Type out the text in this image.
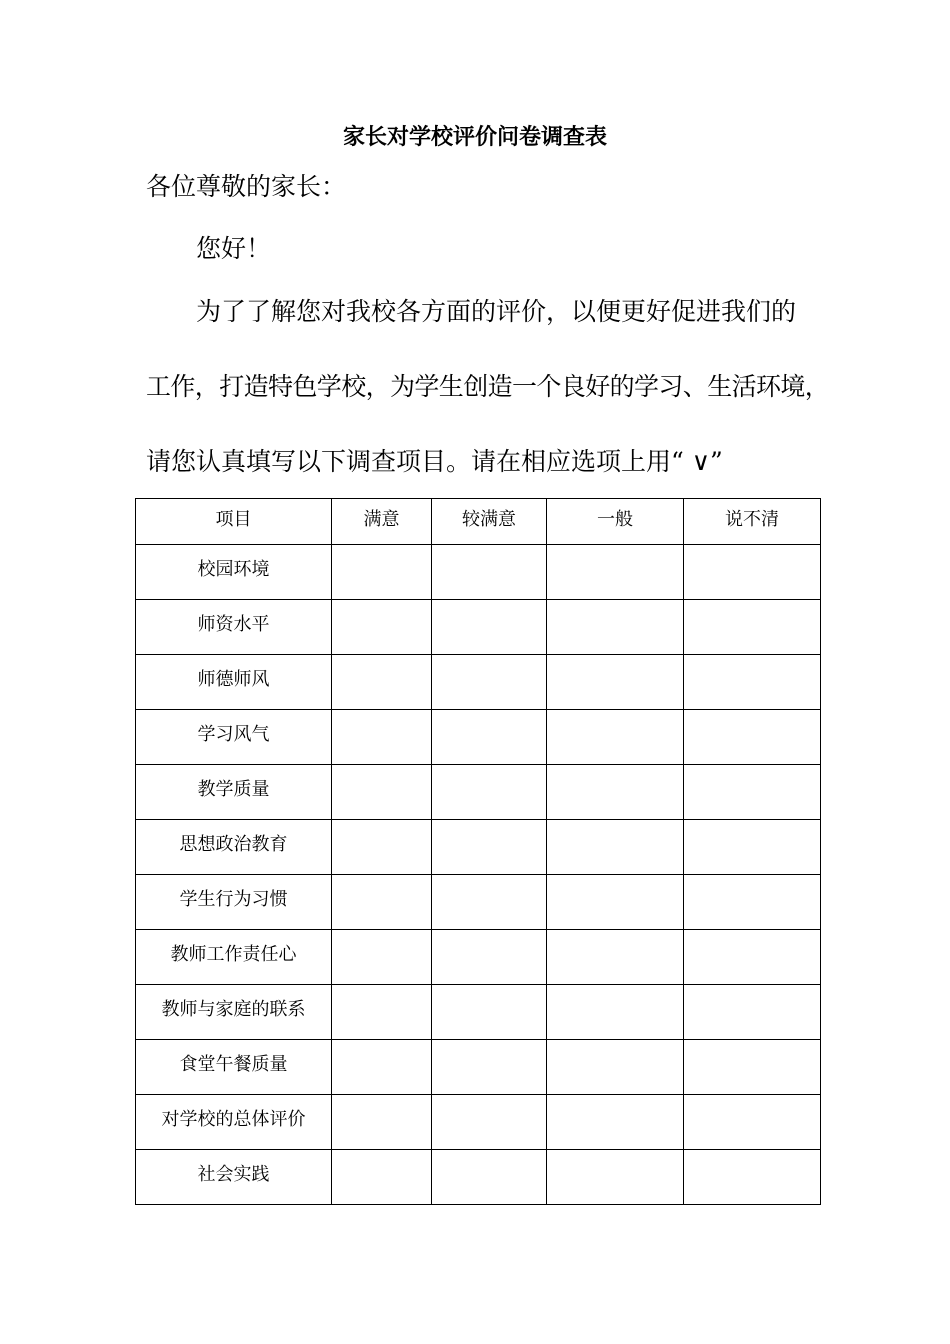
家长对学校评价问卷调查表
各位尊敬的家长：
您好！
为了了解您对我校各方面的评价，以便更好促进我们的
工作，打造特色学校，为学生创造一个良好的学习、生活环境，
请您认真填写以下调查项目。请在相应选项上用“ ∨”
项目	满意	较满意	一般	说不清
校园环境				
师资水平				
师德师风				
学习风气				
教学质量				
思想政治教育				
学生行为习惯				
教师工作责任心				
教师与家庭的联系				
食堂午餐质量				
对学校的总体评价				
社会实践				
